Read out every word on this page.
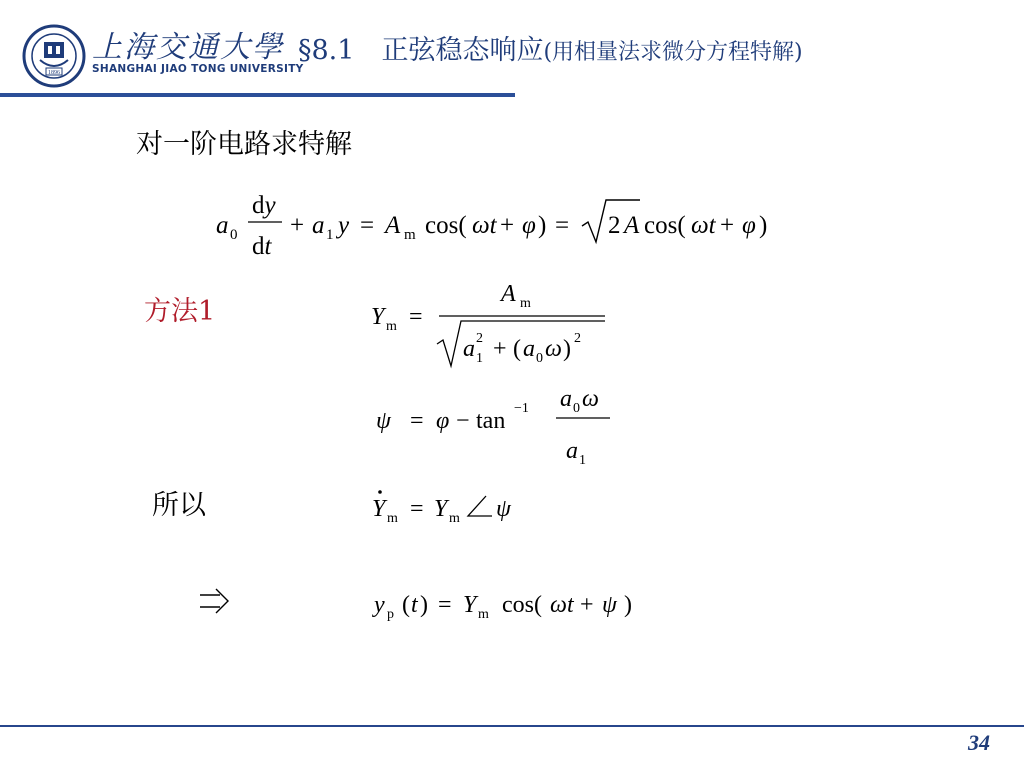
1896
上海交通大學
SHANGHAI JIAO TONG UNIVERSITY
§8.1　正弦稳态响应(用相量法求微分方程特解)
对一阶电路求特解
a 0
dy
dt
+ a 1 y = A m cos( ωt + φ ) = 2 A cos( ωt + φ )
方法1
A m
Y m =
a 2
1 + ( a 0 ω ) 2
ψ = φ − tan −1 a 0 ω
a 1
所以	Y m = Y m ψ
y p ( t ) = Y m cos( ωt + ψ )
34
